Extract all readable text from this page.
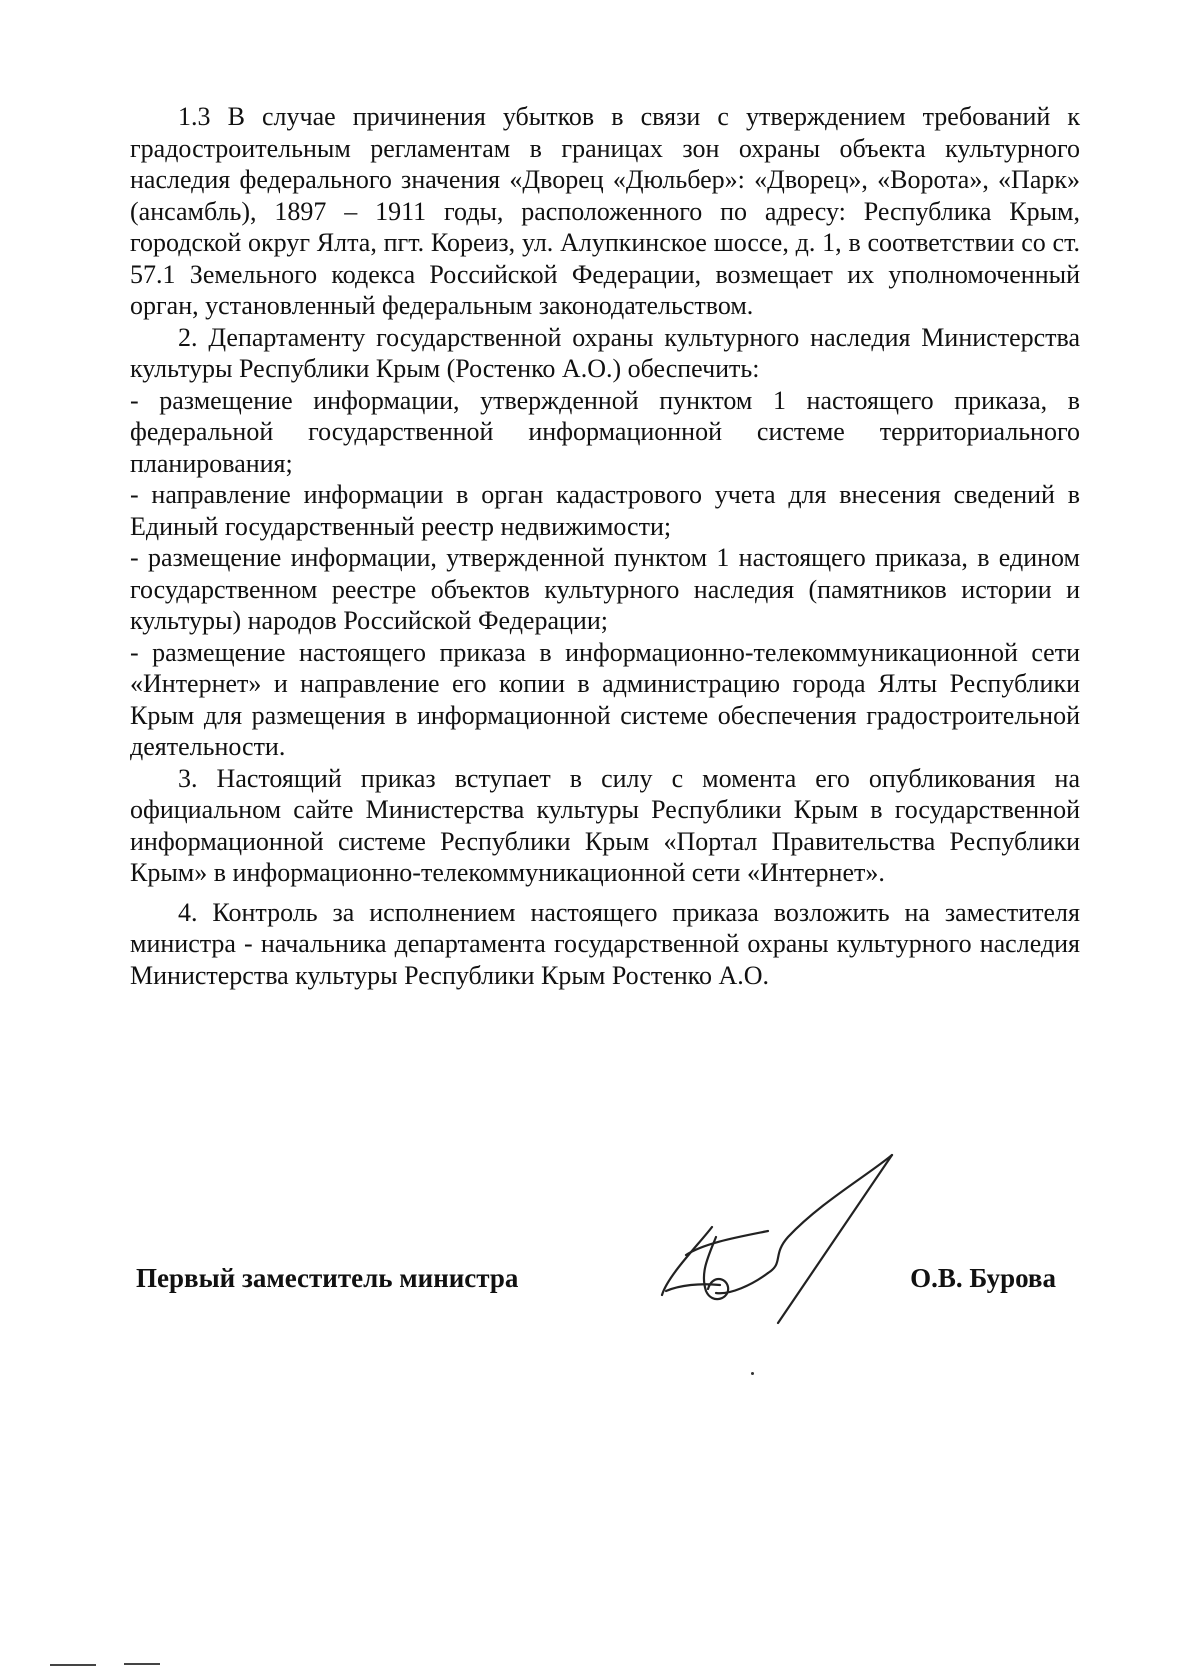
1.3 В случае причинения убытков в связи с утверждением требований к градостроительным регламентам в границах зон охраны объекта культурного наследия федерального значения «Дворец «Дюльбер»: «Дворец», «Ворота», «Парк» (ансамбль), 1897 – 1911 годы, расположенного по адресу: Республика Крым, городской округ Ялта, пгт. Кореиз, ул. Алупкинское шоссе, д. 1, в соответствии со ст. 57.1 Земельного кодекса Российской Федерации, возмещает их уполномоченный орган, установленный федеральным законодательством.

2. Департаменту государственной охраны культурного наследия Министерства культуры Республики Крым (Ростенко А.О.) обеспечить:

- размещение информации, утвержденной пунктом 1 настоящего приказа, в федеральной государственной информационной системе территориального планирования;

- направление информации в орган кадастрового учета для внесения сведений в Единый государственный реестр недвижимости;

- размещение информации, утвержденной пунктом 1 настоящего приказа, в едином государственном реестре объектов культурного наследия (памятников истории и культуры) народов Российской Федерации;

- размещение настоящего приказа в информационно-телекоммуникационной сети «Интернет» и направление его копии в администрацию города Ялты Республики Крым для размещения в информационной системе обеспечения градостроительной деятельности.

3. Настоящий приказ вступает в силу с момента его опубликования на официальном сайте Министерства культуры Республики Крым в государственной информационной системе Республики Крым «Портал Правительства Республики Крым» в информационно-телекоммуникационной сети «Интернет».

4. Контроль за исполнением настоящего приказа возложить на заместителя министра - начальника департамента государственной охраны культурного наследия Министерства культуры Республики Крым Ростенко А.О.

Первый заместитель министра	О.В. Бурова
